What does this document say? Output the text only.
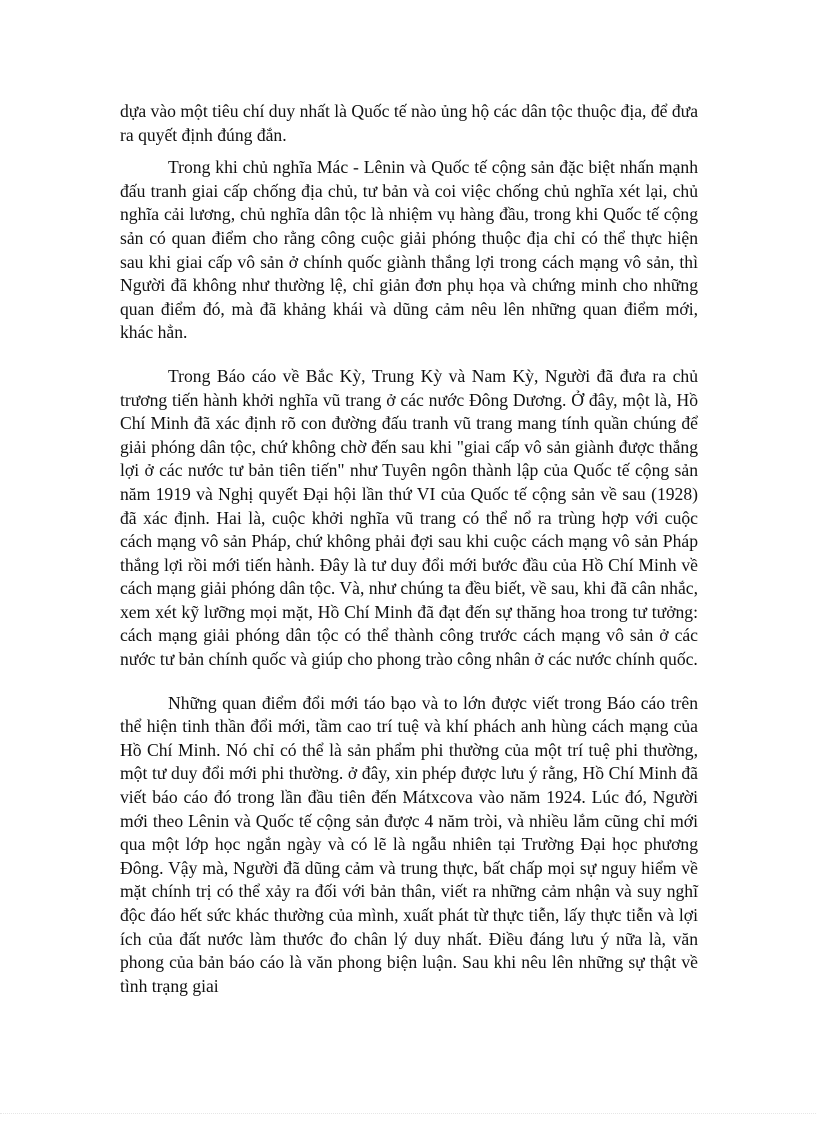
dựa vào một tiêu chí duy nhất là Quốc tế nào ủng hộ các dân tộc thuộc địa, để đưa ra quyết định đúng đắn.

Trong khi chủ nghĩa Mác - Lênin và Quốc tế cộng sản đặc biệt nhấn mạnh đấu tranh giai cấp chống địa chủ, tư bản và coi việc chống chủ nghĩa xét lại, chủ nghĩa cải lương, chủ nghĩa dân tộc là nhiệm vụ hàng đầu, trong khi Quốc tế cộng sản có quan điểm cho rằng công cuộc giải phóng thuộc địa chỉ có thể thực hiện sau khi giai cấp vô sản ở chính quốc giành thắng lợi trong cách mạng vô sản, thì Người đã không như thường lệ, chỉ giản đơn phụ họa và chứng minh cho những quan điểm đó, mà đã khảng khái và dũng cảm nêu lên những quan điểm mới, khác hẳn.

Trong Báo cáo về Bắc Kỳ, Trung Kỳ và Nam Kỳ, Người đã đưa ra chủ trương tiến hành khởi nghĩa vũ trang ở các nước Đông Dương. Ở đây, một là, Hồ Chí Minh đã xác định rõ con đường đấu tranh vũ trang mang tính quần chúng để giải phóng dân tộc, chứ không chờ đến sau khi "giai cấp vô sản giành được thắng lợi ở các nước tư bản tiên tiến" như Tuyên ngôn thành lập của Quốc tế cộng sản năm 1919 và Nghị quyết Đại hội lần thứ VI của Quốc tế cộng sản về sau (1928) đã xác định. Hai là, cuộc khởi nghĩa vũ trang có thể nổ ra trùng hợp với cuộc cách mạng vô sản Pháp, chứ không phải đợi sau khi cuộc cách mạng vô sản Pháp thắng lợi rồi mới tiến hành. Đây là tư duy đổi mới bước đầu của Hồ Chí Minh về cách mạng giải phóng dân tộc. Và, như chúng ta đều biết, về sau, khi đã cân nhắc, xem xét kỹ lưỡng mọi mặt, Hồ Chí Minh đã đạt đến sự thăng hoa trong tư tưởng: cách mạng giải phóng dân tộc có thể thành công trước cách mạng vô sản ở các nước tư bản chính quốc và giúp cho phong trào công nhân ở các nước chính quốc.

Những quan điểm đổi mới táo bạo và to lớn được viết trong Báo cáo trên thể hiện tinh thần đổi mới, tầm cao trí tuệ và khí phách anh hùng cách mạng của Hồ Chí Minh. Nó chỉ có thể là sản phẩm phi thường của một trí tuệ phi thường, một tư duy đổi mới phi thường. ở đây, xin phép được lưu ý rằng, Hồ Chí Minh đã viết báo cáo đó trong lần đầu tiên đến Mátxcova vào năm 1924. Lúc đó, Người mới theo Lênin và Quốc tế cộng sản được 4 năm tròi, và nhiều lắm cũng chỉ mới qua một lớp học ngắn ngày và có lẽ là ngẫu nhiên tại Trường Đại học phương Đông. Vậy mà, Người đã dũng cảm và trung thực, bất chấp mọi sự nguy hiểm về mặt chính trị có thể xảy ra đối với bản thân, viết ra những cảm nhận và suy nghĩ độc đáo hết sức khác thường của mình, xuất phát từ thực tiễn, lấy thực tiễn và lợi ích của đất nước làm thước đo chân lý duy nhất. Điều đáng lưu ý nữa là, văn phong của bản báo cáo là văn phong biện luận. Sau khi nêu lên những sự thật về tình trạng giai
